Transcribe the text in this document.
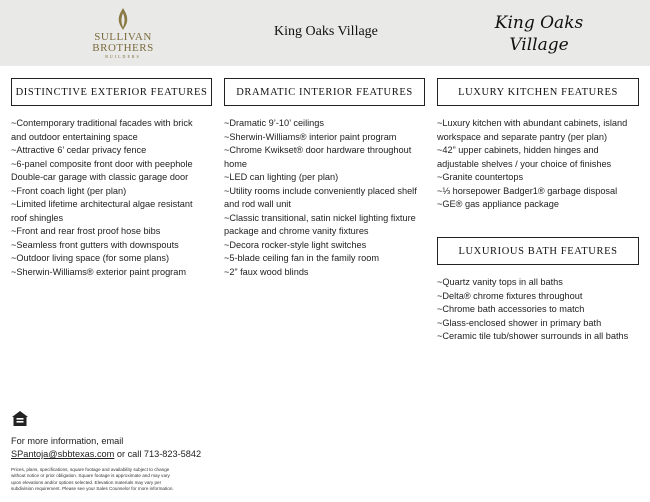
SULLIVAN
BROTHERS
BUILDERS
King Oaks Village	King Oaks
Village
DISTINCTIVE EXTERIOR FEATURES	DRAMATIC INTERIOR FEATURES	LUXURY KITCHEN FEATURES
LUXURIOUS BATH FEATURES
~Contemporary traditional facades with brick
and outdoor entertaining space
~Attractive 6’ cedar privacy fence
~6-panel composite front door with peephole
Double-car garage with classic garage door
~Front coach light (per plan)
~Limited lifetime architectural algae resistant
roof shingles
~Front and rear frost proof hose bibs
~Seamless front gutters with downspouts
~Outdoor living space (for some plans)
~Sherwin-Williams® exterior paint program
~Dramatic 9’-10’ ceilings
~Sherwin-Williams® interior paint program
~Chrome Kwikset® door hardware throughout
home
~LED can lighting (per plan)
~Utility rooms include conveniently placed shelf
and rod wall unit
~Classic transitional, satin nickel lighting fixture
package and chrome vanity fixtures
~Decora rocker-style light switches
~5-blade ceiling fan in the family room
~2” faux wood blinds
~Luxury kitchen with abundant cabinets, island
workspace and separate pantry (per plan)
~42” upper cabinets, hidden hinges and
adjustable shelves / your choice of finishes
~Granite countertops
~⅓ horsepower Badger1® garbage disposal
~GE® gas appliance package
~Quartz vanity tops in all baths
~Delta® chrome fixtures throughout
~Chrome bath accessories to match
~Glass-enclosed shower in primary bath
~Ceramic tile tub/shower surrounds in all baths
For more information, email
SPantoja@sbbtexas.com or call 713-823-5842
Prices, plans, specifications, square footage and availability subject to change
without notice or prior obligation. Square footage is approximate and may vary
upon elevations and/or options selected. Elevation materials may vary per
subdivision requirement. Please see your Sales Counselor for more information.
